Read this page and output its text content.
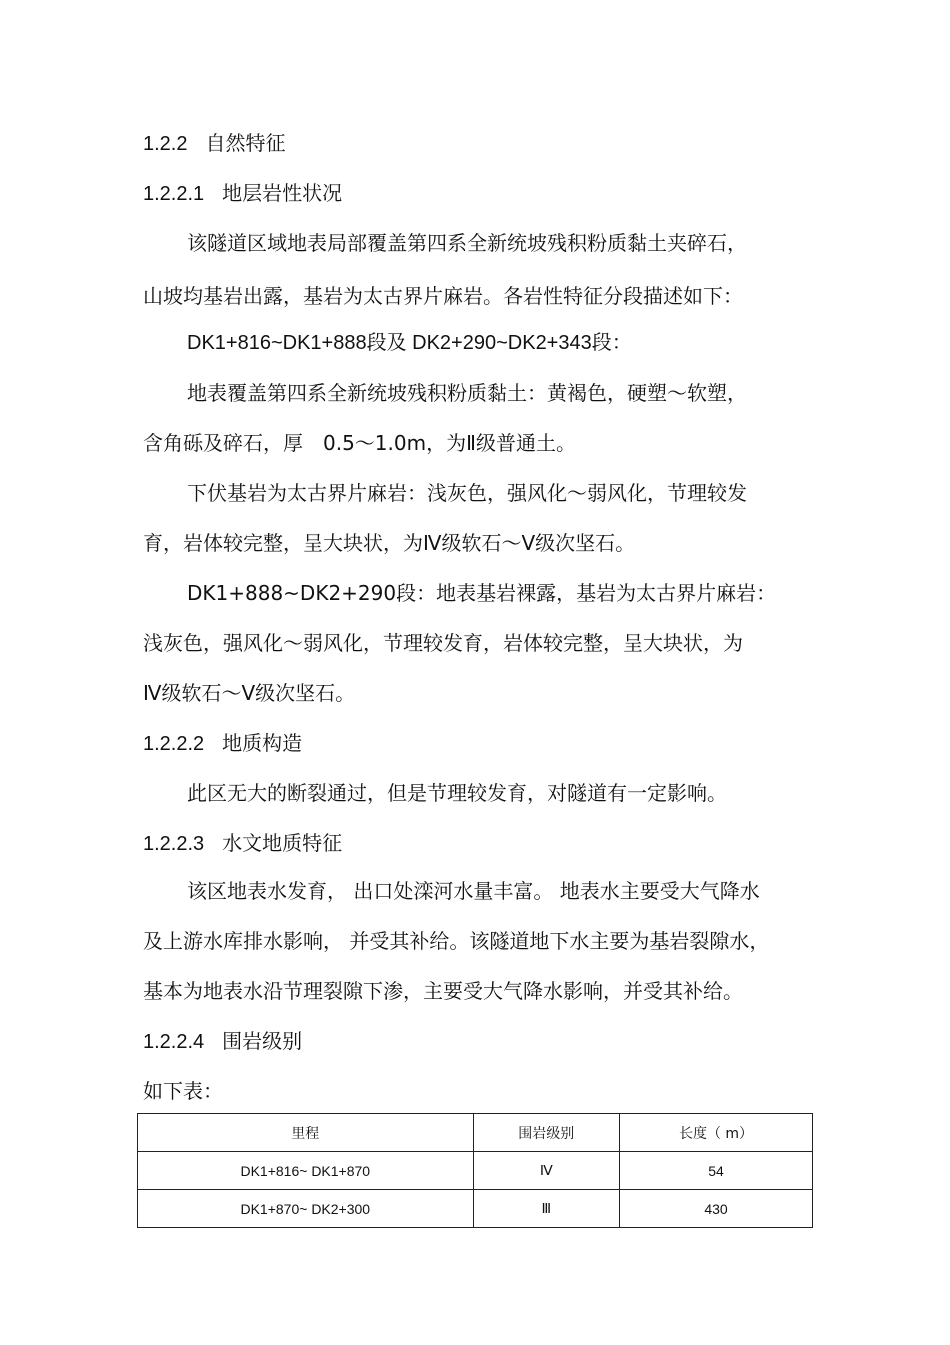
1.2.2 自然特征
1.2.2.1 地层岩性状况
该隧道区域地表局部覆盖第四系全新统坡残积粉质黏土夹碎石，
山坡均基岩出露，基岩为太古界片麻岩。各岩性特征分段描述如下：
DK1+816~DK1+888段及 DK2+290~DK2+343段：
地表覆盖第四系全新统坡残积粉质黏土：黄褐色，硬塑～软塑，
含角砾及碎石，厚　0.5～1.0m，为Ⅱ级普通土。
下伏基岩为太古界片麻岩：浅灰色，强风化～弱风化，节理较发
育，岩体较完整，呈大块状，为Ⅳ级软石～Ⅴ级次坚石。
DK1+888~DK2+290段：地表基岩裸露，基岩为太古界片麻岩：
浅灰色，强风化～弱风化，节理较发育，岩体较完整，呈大块状，为
Ⅳ级软石～Ⅴ级次坚石。
1.2.2.2 地质构造
此区无大的断裂通过，但是节理较发育，对隧道有一定影响。
1.2.2.3 水文地质特征
该区地表水发育， 出口处滦河水量丰富。 地表水主要受大气降水
及上游水库排水影响， 并受其补给。该隧道地下水主要为基岩裂隙水，
基本为地表水沿节理裂隙下渗，主要受大气降水影响，并受其补给。
1.2.2.4 围岩级别
如下表：
里程	围岩级别	长度（ m）
DK1+816~ DK1+870	Ⅳ	54
DK1+870~ DK2+300	Ⅲ	430
